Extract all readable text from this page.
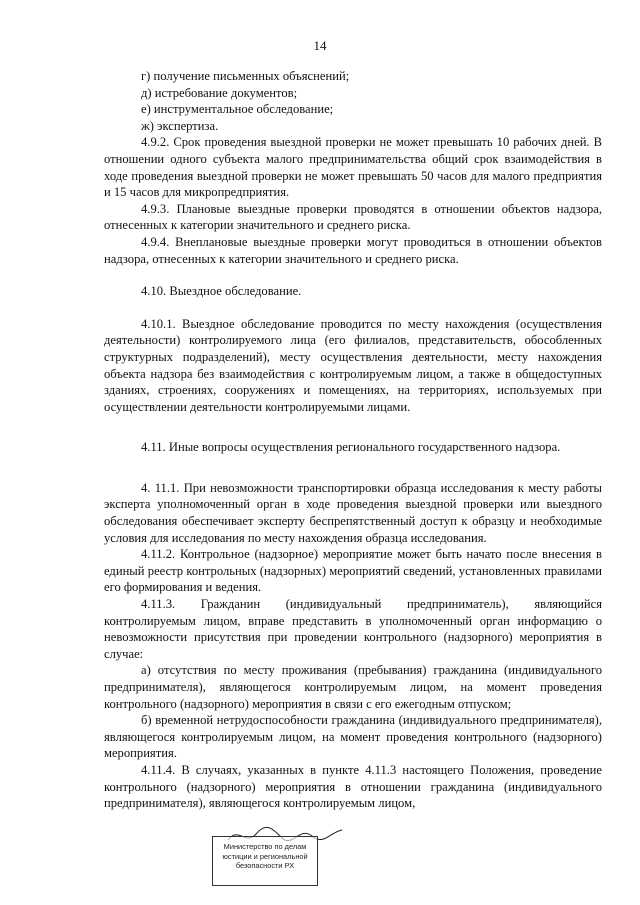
14

г) получение письменных объяснений;

д) истребование документов;

е) инструментальное обследование;

ж) экспертиза.

4.9.2. Срок проведения выездной проверки не может превышать 10 рабочих дней. В отношении одного субъекта малого предпринимательства общий срок взаимодействия в ходе проведения выездной проверки не может превышать 50 часов для малого предприятия и 15 часов для микропредприятия.

4.9.3. Плановые выездные проверки проводятся в отношении объектов надзора, отнесенных к категории значительного и среднего риска.

4.9.4. Внеплановые выездные проверки могут проводиться в отношении объектов надзора, отнесенных к категории значительного и среднего риска.

4.10. Выездное обследование.

4.10.1. Выездное обследование проводится по месту нахождения (осуществления деятельности) контролируемого лица (его филиалов, представительств, обособленных структурных подразделений), месту осуществления деятельности, месту нахождения объекта надзора без взаимодействия с контролируемым лицом, а также в общедоступных зданиях, строениях, сооружениях и помещениях, на территориях, используемых при осуществлении деятельности контролируемыми лицами.

4.11. Иные вопросы осуществления регионального государственного надзора.

4. 11.1. При невозможности транспортировки образца исследования к месту работы эксперта уполномоченный орган в ходе проведения выездной проверки или выездного обследования обеспечивает эксперту беспрепятственный доступ к образцу и необходимые условия для исследования по месту нахождения образца исследования.

4.11.2. Контрольное (надзорное) мероприятие может быть начато после внесения в единый реестр контрольных (надзорных) мероприятий сведений, установленных правилами его формирования и ведения.

4.11.3. Гражданин (индивидуальный предприниматель), являющийся контролируемым лицом, вправе представить в уполномоченный орган информацию о невозможности присутствия при проведении контрольного (надзорного) мероприятия в случае:

а) отсутствия по месту проживания (пребывания) гражданина (индивидуального предпринимателя), являющегося контролируемым лицом, на момент проведения контрольного (надзорного) мероприятия в связи с его ежегодным отпуском;

б) временной нетрудоспособности гражданина (индивидуального предпринимателя), являющегося контролируемым лицом, на момент проведения контрольного (надзорного) мероприятия.

4.11.4. В случаях, указанных в пункте 4.11.3 настоящего Положения, проведение контрольного (надзорного) мероприятия в отношении гражданина (индивидуального предпринимателя), являющегося контролируемым лицом,

Министерство по делам
юстиции и региональной
безопасности РХ
